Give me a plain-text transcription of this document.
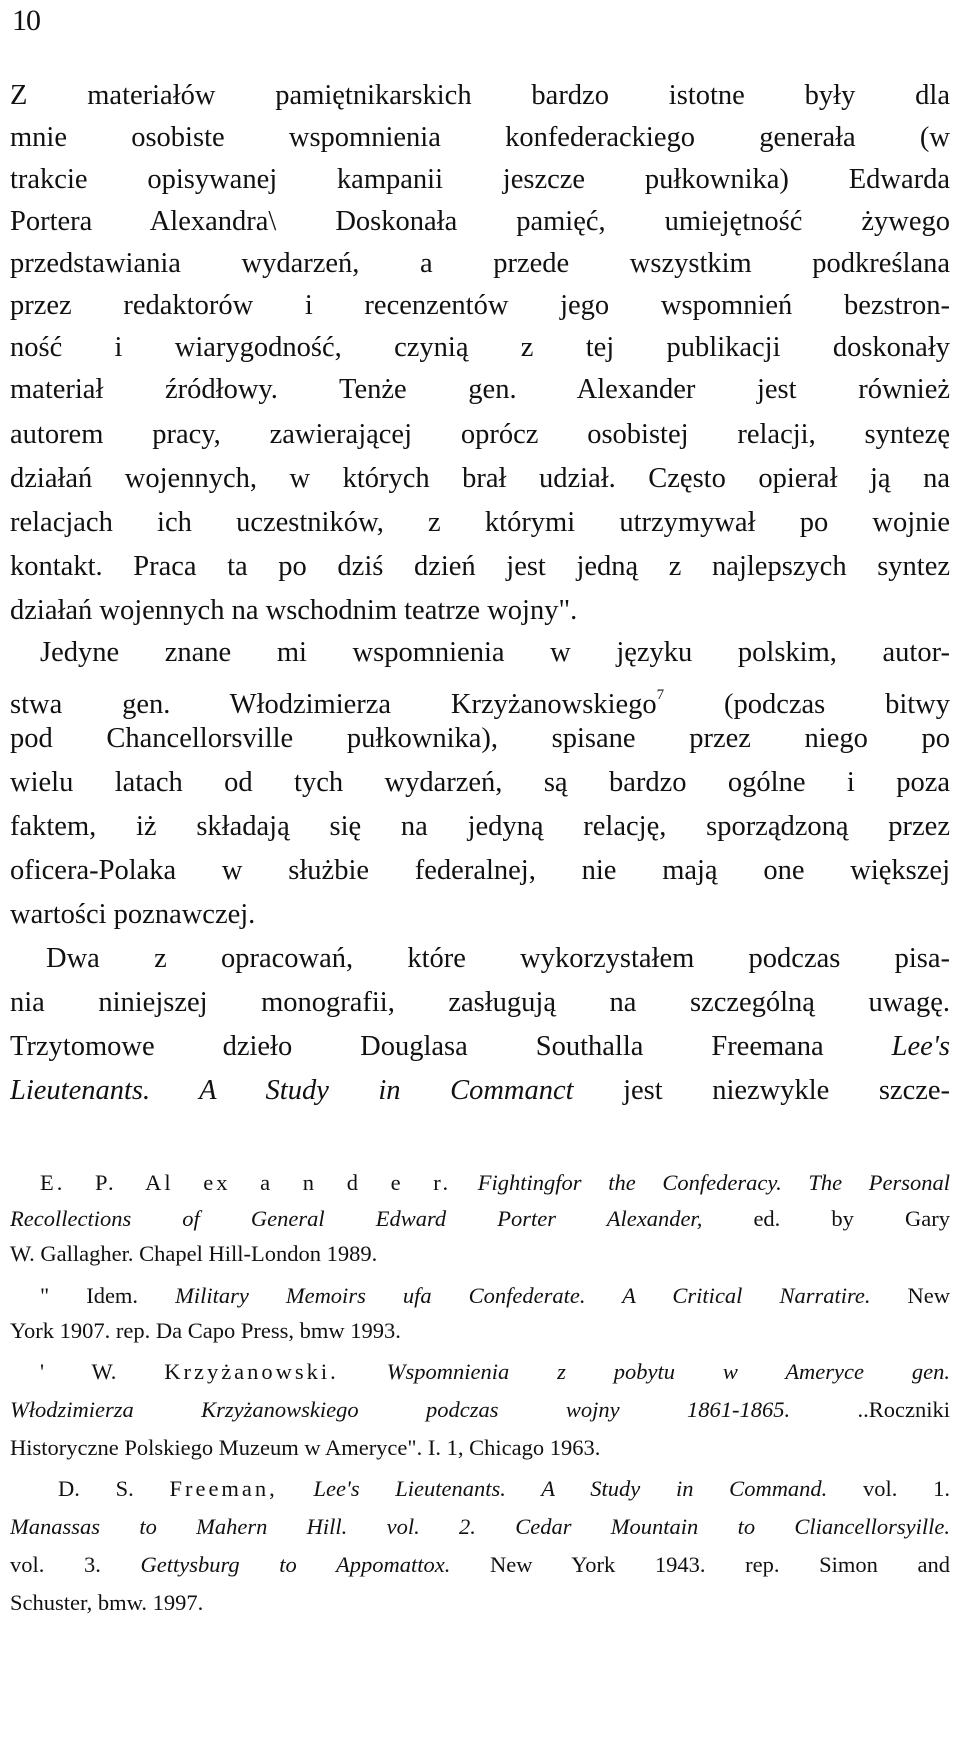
10
Z materiałów pamiętnikarskich bardzo istotne były dla
mnie osobiste wspomnienia konfederackiego generała (w
trakcie opisywanej kampanii jeszcze pułkownika) Edwarda
Portera Alexandra\ Doskonała pamięć, umiejętność żywego
przedstawiania wydarzeń, a przede wszystkim podkreślana
przez redaktorów i recenzentów jego wspomnień bezstron-
ność i wiarygodność, czynią z tej publikacji doskonały
materiał źródłowy. Tenże gen. Alexander jest również
autorem pracy, zawierającej oprócz osobistej relacji, syntezę
działań wojennych, w których brał udział. Często opierał ją na
relacjach ich uczestników, z którymi utrzymywał po wojnie
kontakt. Praca ta po dziś dzień jest jedną z najlepszych syntez
działań wojennych na wschodnim teatrze wojny".
Jedyne znane mi wspomnienia w języku polskim, autor-
stwa gen. Włodzimierza Krzyżanowskiego$^7$ (podczas bitwy
pod Chancellorsville pułkownika), spisane przez niego po
wielu latach od tych wydarzeń, są bardzo ogólne i poza
faktem, iż składają się na jedyną relację, sporządzoną przez
oficera-Polaka w służbie federalnej, nie mają one większej
wartości poznawczej.
Dwa z opracowań, które wykorzystałem podczas pisa-
nia niniejszej monografii, zasługują na szczególną uwagę.
Trzytomowe dzieło Douglasa Southalla Freemana Lee's
Lieutenants. A Study in Commanct jest niezwykle szcze-
E. P. Al ex a n d e r. Fightingfor the Confederacy. The Personal
Recollections of General Edward Porter Alexander, ed. by Gary
W. Gallagher. Chapel Hill-London 1989.
" Idem. Military Memoirs ufa Confederate. A Critical Narratire. New
York 1907. rep. Da Capo Press, bmw 1993.
' W. Krzyżanowski. Wspomnienia z pobytu w Ameryce gen.
Włodzimierza Krzyżanowskiego podczas wojny 1861-1865.	..Roczniki
Historyczne Polskiego Muzeum w Ameryce". I. 1, Chicago 1963.
D. S. Freeman, Lee's Lieutenants. A Study in Command. vol. 1.
Manassas to Mahern Hill. vol. 2. Cedar Mountain to Cliancellorsyille.
vol. 3. Gettysburg to Appomattox. New York 1943. rep. Simon and
Schuster, bmw. 1997.
